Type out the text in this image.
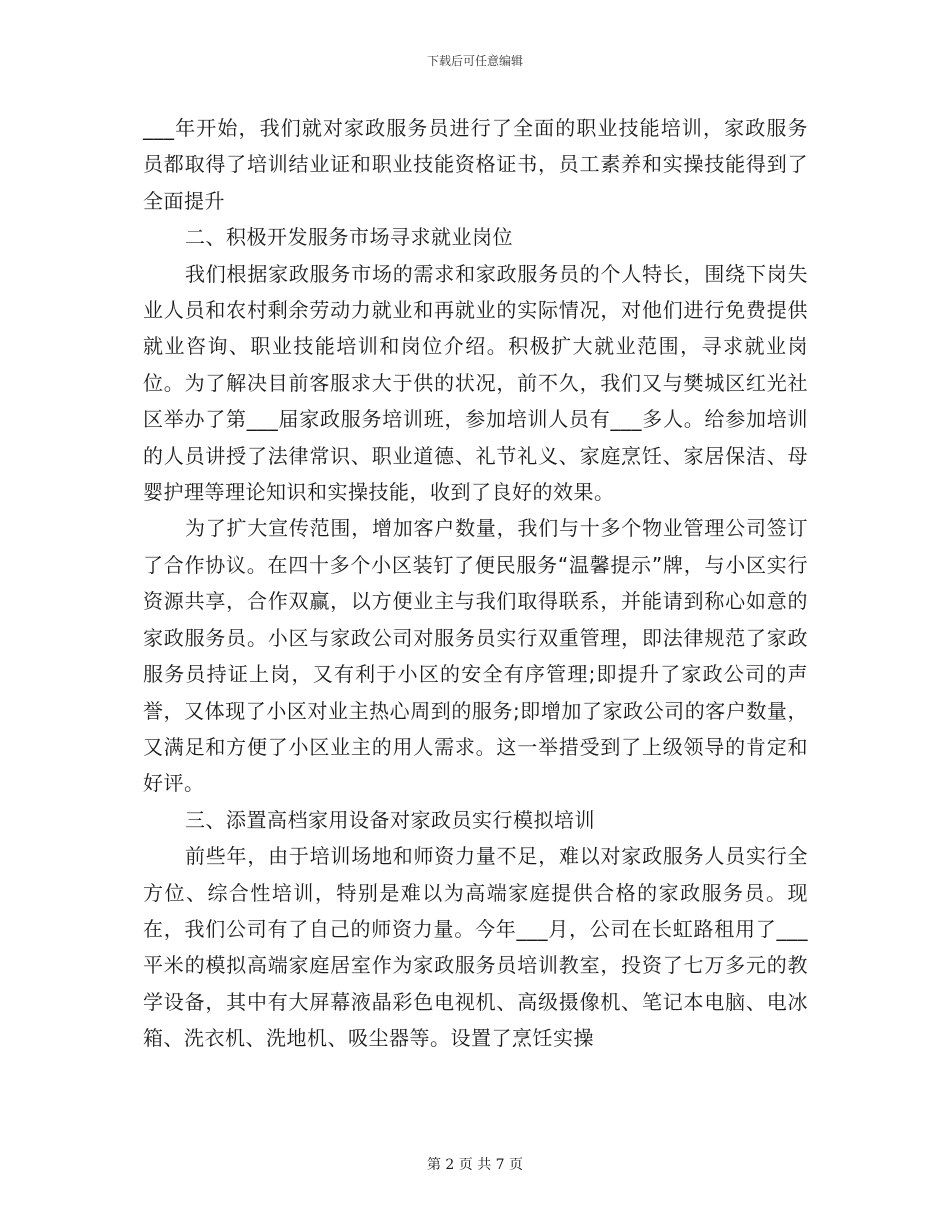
下载后可任意编辑

___年开始，我们就对家政服务员进行了全面的职业技能培训，家政服务员都取得了培训结业证和职业技能资格证书，员工素养和实操技能得到了全面提升

二、积极开发服务市场寻求就业岗位

我们根据家政服务市场的需求和家政服务员的个人特长，围绕下岗失业人员和农村剩余劳动力就业和再就业的实际情况，对他们进行免费提供就业咨询、职业技能培训和岗位介绍。积极扩大就业范围，寻求就业岗位。为了解决目前客服求大于供的状况，前不久，我们又与樊城区红光社区举办了第___届家政服务培训班，参加培训人员有___多人。给参加培训的人员讲授了法律常识、职业道德、礼节礼义、家庭烹饪、家居保洁、母婴护理等理论知识和实操技能，收到了良好的效果。

为了扩大宣传范围，增加客户数量，我们与十多个物业管理公司签订了合作协议。在四十多个小区装钉了便民服务“温馨提示”牌，与小区实行资源共享，合作双赢，以方便业主与我们取得联系，并能请到称心如意的家政服务员。小区与家政公司对服务员实行双重管理，即法律规范了家政服务员持证上岗，又有利于小区的安全有序管理;即提升了家政公司的声誉，又体现了小区对业主热心周到的服务;即增加了家政公司的客户数量，又满足和方便了小区业主的用人需求。这一举措受到了上级领导的肯定和好评。

三、添置高档家用设备对家政员实行模拟培训

前些年，由于培训场地和师资力量不足，难以对家政服务人员实行全方位、综合性培训，特别是难以为高端家庭提供合格的家政服务员。现在，我们公司有了自己的师资力量。今年___月，公司在长虹路租用了___平米的模拟高端家庭居室作为家政服务员培训教室，投资了七万多元的教学设备，其中有大屏幕液晶彩色电视机、高级摄像机、笔记本电脑、电冰箱、洗衣机、洗地机、吸尘器等。设置了烹饪实操

第 2 页 共 7 页
